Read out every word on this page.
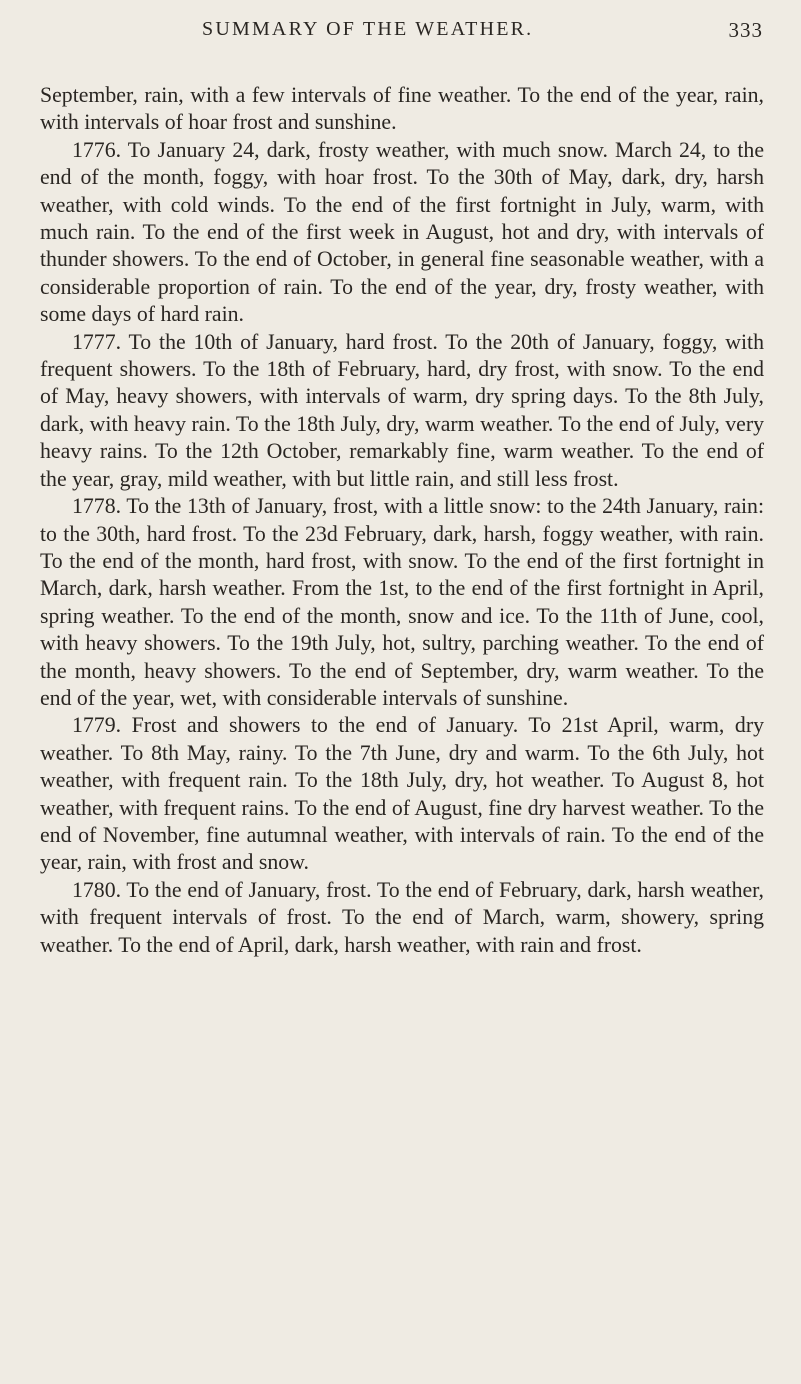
SUMMARY OF THE WEATHER.	333

September, rain, with a few intervals of fine weather. To the end of the year, rain, with intervals of hoar frost and sunshine.

1776. To January 24, dark, frosty weather, with much snow. March 24, to the end of the month, foggy, with hoar frost. To the 30th of May, dark, dry, harsh weather, with cold winds. To the end of the first fortnight in July, warm, with much rain. To the end of the first week in August, hot and dry, with intervals of thunder showers. To the end of October, in general fine seasonable weather, with a considerable proportion of rain. To the end of the year, dry, frosty weather, with some days of hard rain.

1777. To the 10th of January, hard frost. To the 20th of January, foggy, with frequent showers. To the 18th of February, hard, dry frost, with snow. To the end of May, heavy showers, with intervals of warm, dry spring days. To the 8th July, dark, with heavy rain. To the 18th July, dry, warm weather. To the end of July, very heavy rains. To the 12th October, remarkably fine, warm weather. To the end of the year, gray, mild weather, with but little rain, and still less frost.

1778. To the 13th of January, frost, with a little snow: to the 24th January, rain: to the 30th, hard frost. To the 23d February, dark, harsh, foggy weather, with rain. To the end of the month, hard frost, with snow. To the end of the first fortnight in March, dark, harsh weather. From the 1st, to the end of the first fortnight in April, spring weather. To the end of the month, snow and ice. To the 11th of June, cool, with heavy showers. To the 19th July, hot, sultry, parching weather. To the end of the month, heavy showers. To the end of September, dry, warm weather. To the end of the year, wet, with considerable intervals of sunshine.

1779. Frost and showers to the end of January. To 21st April, warm, dry weather. To 8th May, rainy. To the 7th June, dry and warm. To the 6th July, hot weather, with frequent rain. To the 18th July, dry, hot weather. To August 8, hot weather, with frequent rains. To the end of August, fine dry harvest weather. To the end of November, fine autumnal weather, with intervals of rain. To the end of the year, rain, with frost and snow.

1780. To the end of January, frost. To the end of February, dark, harsh weather, with frequent intervals of frost. To the end of March, warm, showery, spring weather. To the end of April, dark, harsh weather, with rain and frost.
